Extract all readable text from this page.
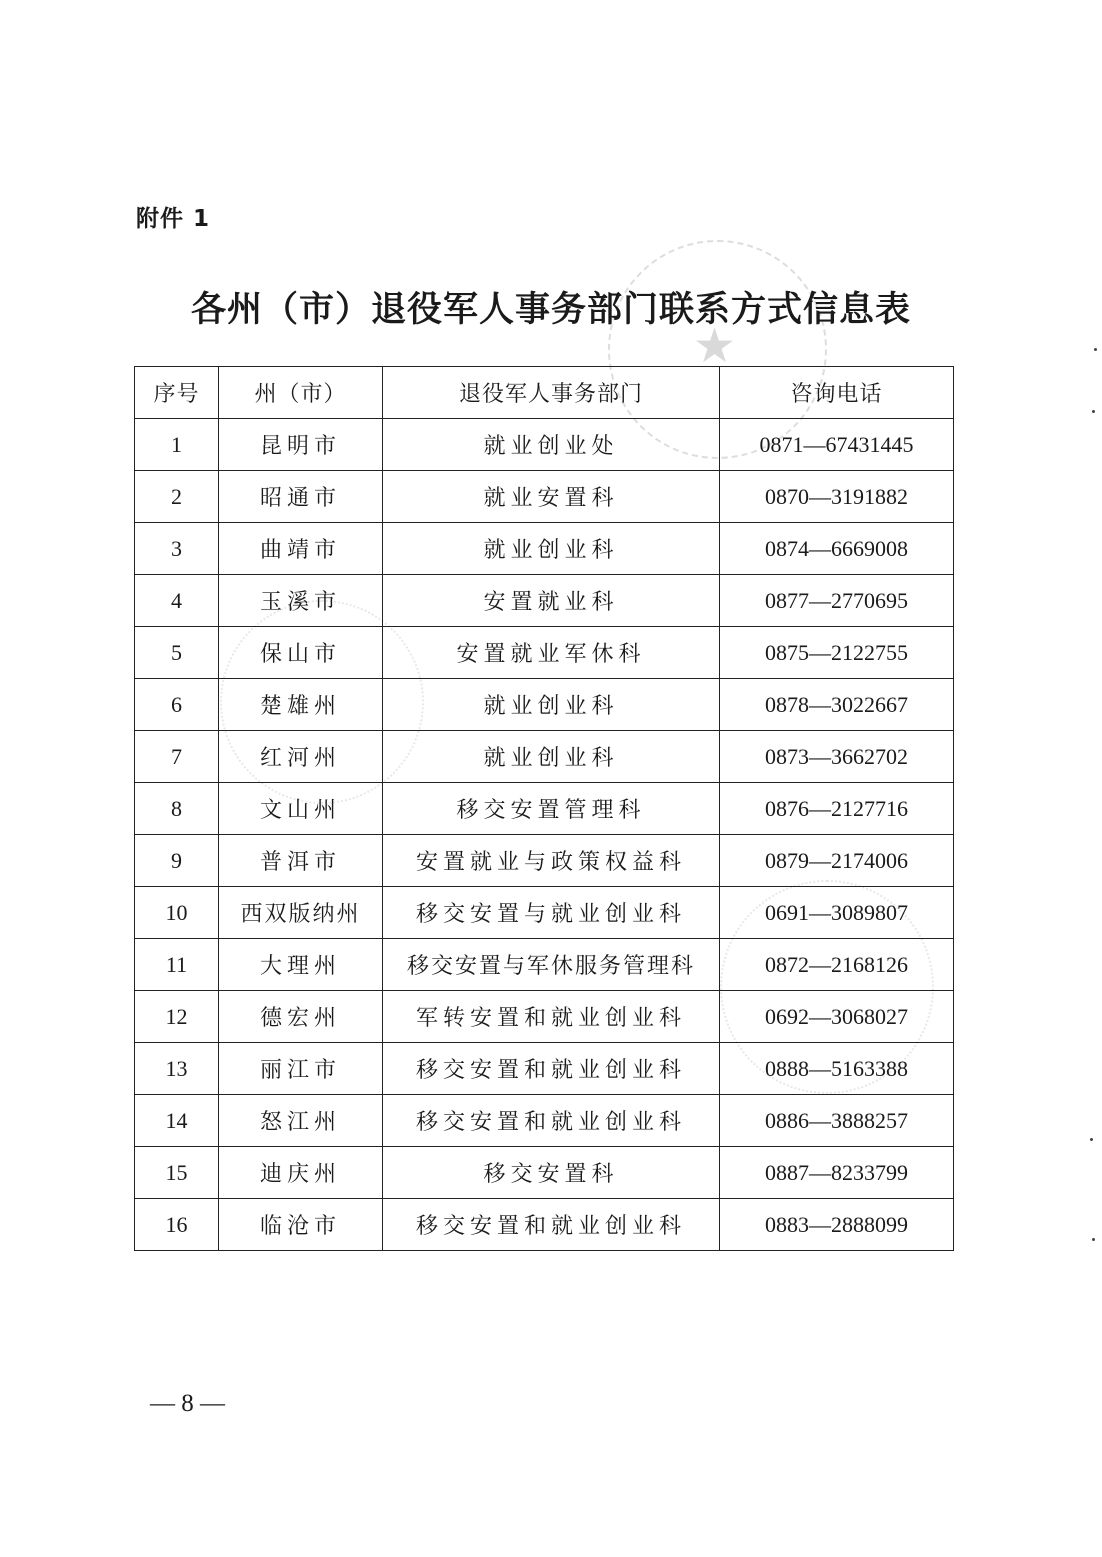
★
附件 1
各州（市）退役军人事务部门联系方式信息表
序号	州（市）	退役军人事务部门	咨询电话
1	昆明市	就业创业处	0871—67431445
2	昭通市	就业安置科	0870—3191882
3	曲靖市	就业创业科	0874—6669008
4	玉溪市	安置就业科	0877—2770695
5	保山市	安置就业军休科	0875—2122755
6	楚雄州	就业创业科	0878—3022667
7	红河州	就业创业科	0873—3662702
8	文山州	移交安置管理科	0876—2127716
9	普洱市	安置就业与政策权益科	0879—2174006
10	西双版纳州	移交安置与就业创业科	0691—3089807
11	大理州	移交安置与军休服务管理科	0872—2168126
12	德宏州	军转安置和就业创业科	0692—3068027
13	丽江市	移交安置和就业创业科	0888—5163388
14	怒江州	移交安置和就业创业科	0886—3888257
15	迪庆州	移交安置科	0887—8233799
16	临沧市	移交安置和就业创业科	0883—2888099
— 8 —
